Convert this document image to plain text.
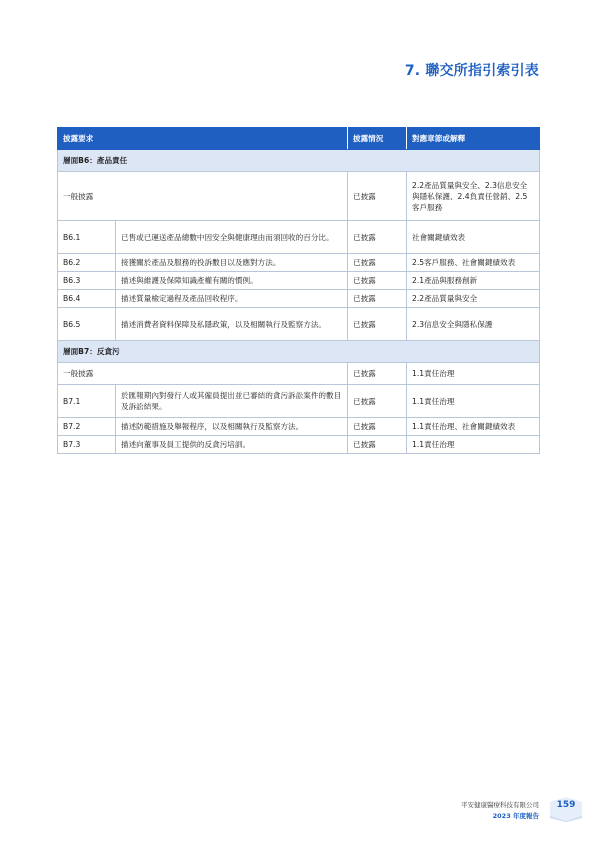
7. 聯交所指引索引表
披露要求		披露情況	對應章節或解釋
層面B6：產品責任			
一般披露		已披露	2.2產品質量與安全、2.3信息安全與隱私保護、2.4負責任營銷、2.5客戶服務
B6.1	已售或已運送產品總數中因安全與健康理由而須回收的百分比。	已披露	社會關鍵績效表
B6.2	接獲關於產品及服務的投訴數目以及應對方法。	已披露	2.5客戶服務、社會關鍵績效表
B6.3	描述與維護及保障知識產權有關的慣例。	已披露	2.1產品與服務創新
B6.4	描述質量檢定過程及產品回收程序。	已披露	2.2產品質量與安全
B6.5	描述消費者資料保障及私隱政策，以及相關執行及監察方法。	已披露	2.3信息安全與隱私保護
層面B7：反貪污			
一般披露		已披露	1.1責任治理
B7.1	於匯報期內對發行人或其僱員提出並已審結的貪污訴訟案件的數目及訴訟結果。	已披露	1.1責任治理
B7.2	描述防範措施及舉報程序，以及相關執行及監察方法。	已披露	1.1責任治理、社會關鍵績效表
B7.3	描述向董事及員工提供的反貪污培訓。	已披露	1.1責任治理
平安健康醫療科技有限公司
2023 年度報告
159
